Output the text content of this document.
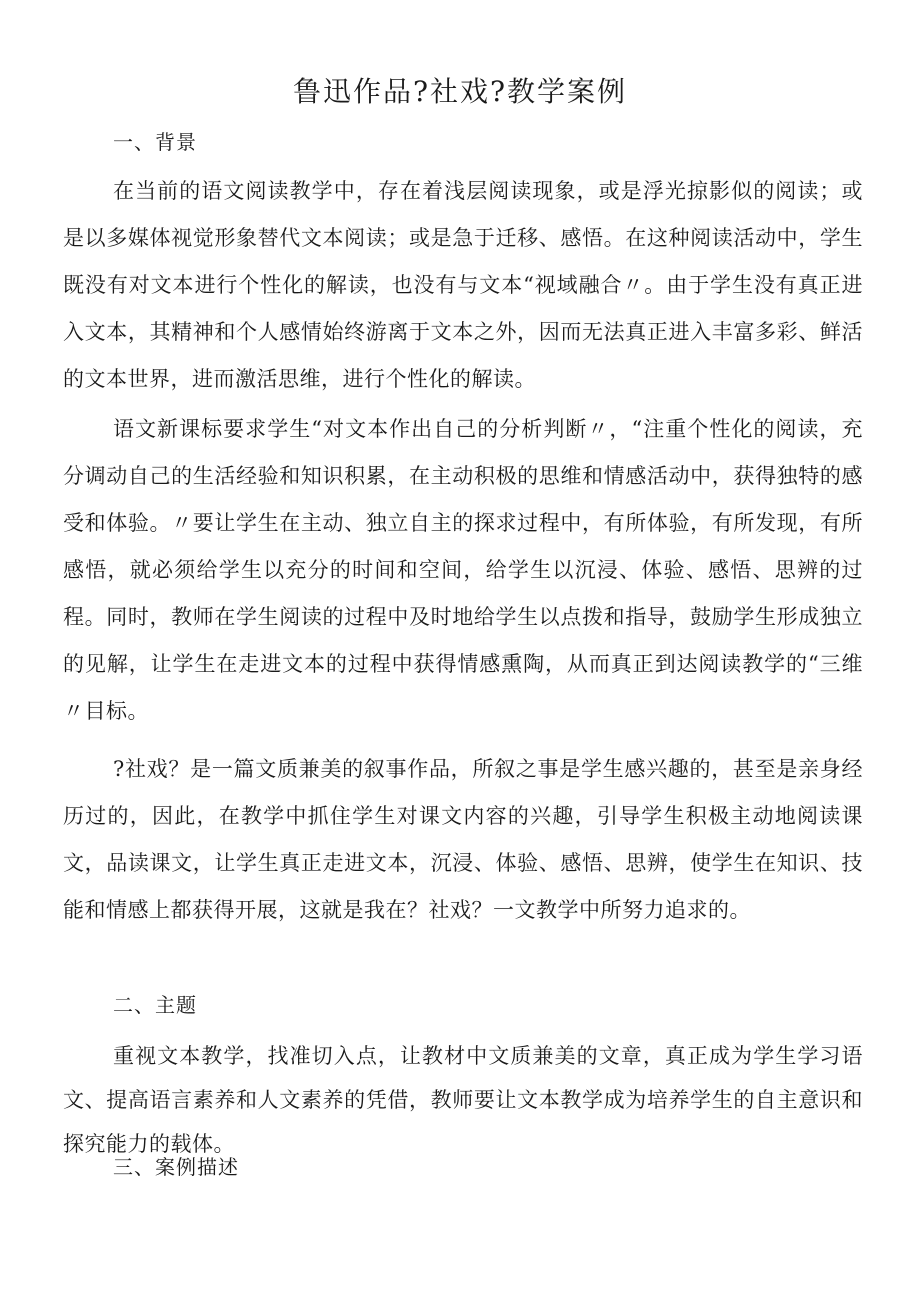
鲁迅作品?社戏?教学案例
一、背景

在当前的语文阅读教学中，存在着浅层阅读现象，或是浮光掠影似的阅读；或是以多媒体视觉形象替代文本阅读；或是急于迁移、感悟。在这种阅读活动中，学生既没有对文本进行个性化的解读，也没有与文本“视域融合〃。由于学生没有真正进入文本，其精神和个人感情始终游离于文本之外，因而无法真正进入丰富多彩、鲜活的文本世界，进而激活思维，进行个性化的解读。

语文新课标要求学生“对文本作出自己的分析判断〃，“注重个性化的阅读，充分调动自己的生活经验和知识积累，在主动积极的思维和情感活动中，获得独特的感受和体验。〃要让学生在主动、独立自主的探求过程中，有所体验，有所发现，有所感悟，就必须给学生以充分的时间和空间，给学生以沉浸、体验、感悟、思辨的过程。同时，教师在学生阅读的过程中及时地给学生以点拨和指导，鼓励学生形成独立的见解，让学生在走进文本的过程中获得情感熏陶，从而真正到达阅读教学的“三维〃目标。

?社戏？是一篇文质兼美的叙事作品，所叙之事是学生感兴趣的，甚至是亲身经历过的，因此，在教学中抓住学生对课文内容的兴趣，引导学生积极主动地阅读课文，品读课文，让学生真正走进文本，沉浸、体验、感悟、思辨，使学生在知识、技能和情感上都获得开展，这就是我在？社戏？一文教学中所努力追求的。

二、主题

重视文本教学，找准切入点，让教材中文质兼美的文章，真正成为学生学习语文、提高语言素养和人文素养的凭借，教师要让文本教学成为培养学生的自主意识和探究能力的载体。

三、案例描述
